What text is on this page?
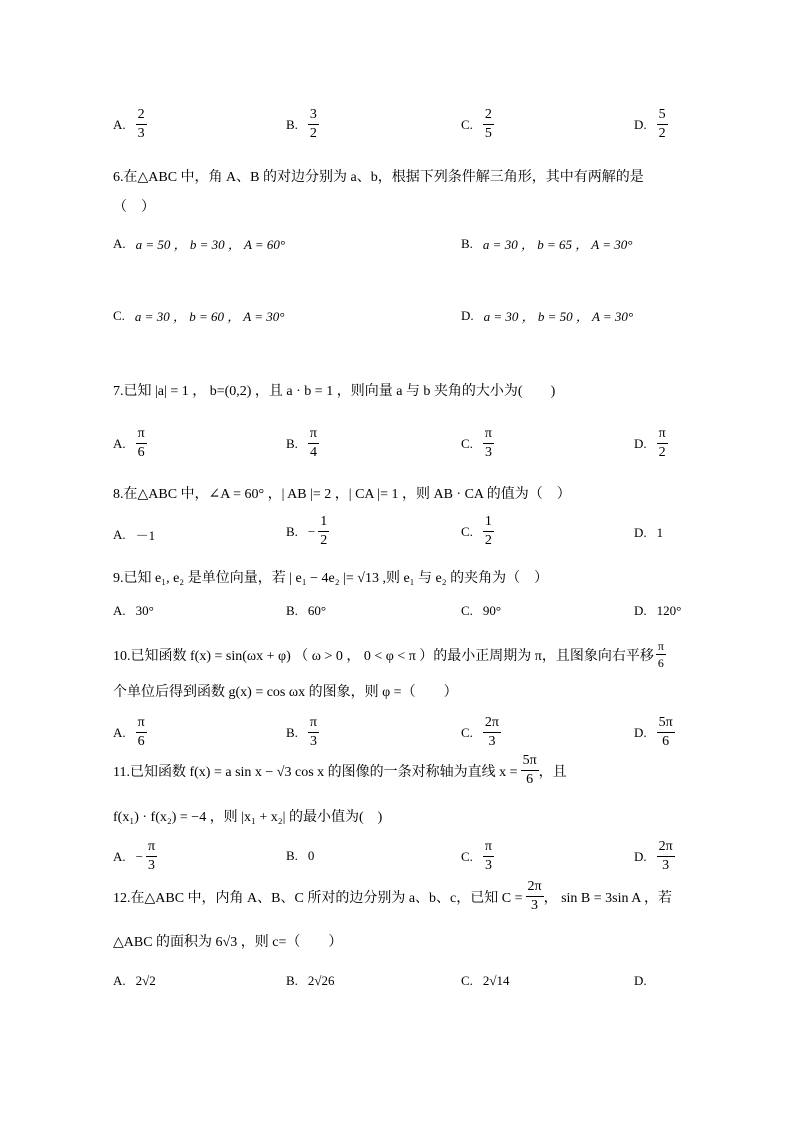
A. $\frac{2}{3}$	B. $\frac{3}{2}$	C. $\frac{2}{5}$	D. $\frac{5}{2}$
6.在△ABC 中，角 A、B 的对边分别为 a、b，根据下列条件解三角形，其中有两解的是
（　）
A. a = 50 ， b = 30 ， A = 60°	B. a = 30 ， b = 65 ， A = 30°
C. a = 30 ， b = 60 ， A = 30°	D. a = 30 ， b = 50 ， A = 30°
7.已知 |a| = 1 ， b=(0,2) ，且 a · b = 1 ，则向量 a 与 b 夹角的大小为(　　)
A. $\frac{\pi}{6}$	B. $\frac{\pi}{4}$	C. $\frac{\pi}{3}$	D. $\frac{\pi}{2}$
8.在△ABC 中，∠A = 60° ，| AB |= 2 ，| CA |= 1 ，则 AB · CA 的值为（　）
A. －1	B. − $\frac{1}{2}$	C. $\frac{1}{2}$	D. 1
9.已知 e₁, e₂ 是单位向量，若 | e₁ − 4e₂ |= √13 ,则 e₁ 与 e₂ 的夹角为（　）
A. 30°	B. 60°	C. 90°	D. 120°
10.已知函数 f(x) = sin(ωx + φ) （ ω > 0 ， 0 < φ < π ）的最小正周期为 π，且图象向右平移 $\frac{\pi}{6}$
个单位后得到函数 g(x) = cos ωx 的图象，则 φ =（　　）
A. $\frac{\pi}{6}$	B. $\frac{\pi}{3}$	C. $\frac{2\pi}{3}$	D. $\frac{5\pi}{6}$
11.已知函数 f(x) = a sin x − √3 cos x 的图像的一条对称轴为直线 $x = \frac{5\pi}{6}$ ，且
f(x₁) · f(x₂) = −4 ，则 |x₁ + x₂| 的最小值为(　)
A. − $\frac{\pi}{3}$	B. 0	C. $\frac{\pi}{3}$	D. $\frac{2\pi}{3}$
12.在△ABC 中，内角 A、B、C 所对的边分别为 a、b、c，已知 $C = \frac{2\pi}{3}$ ， sin B = 3sin A ，若
△ABC 的面积为 6√3 ，则 c=（　　）
A. 2√2	B. 2√26	C. 2√14	D.
